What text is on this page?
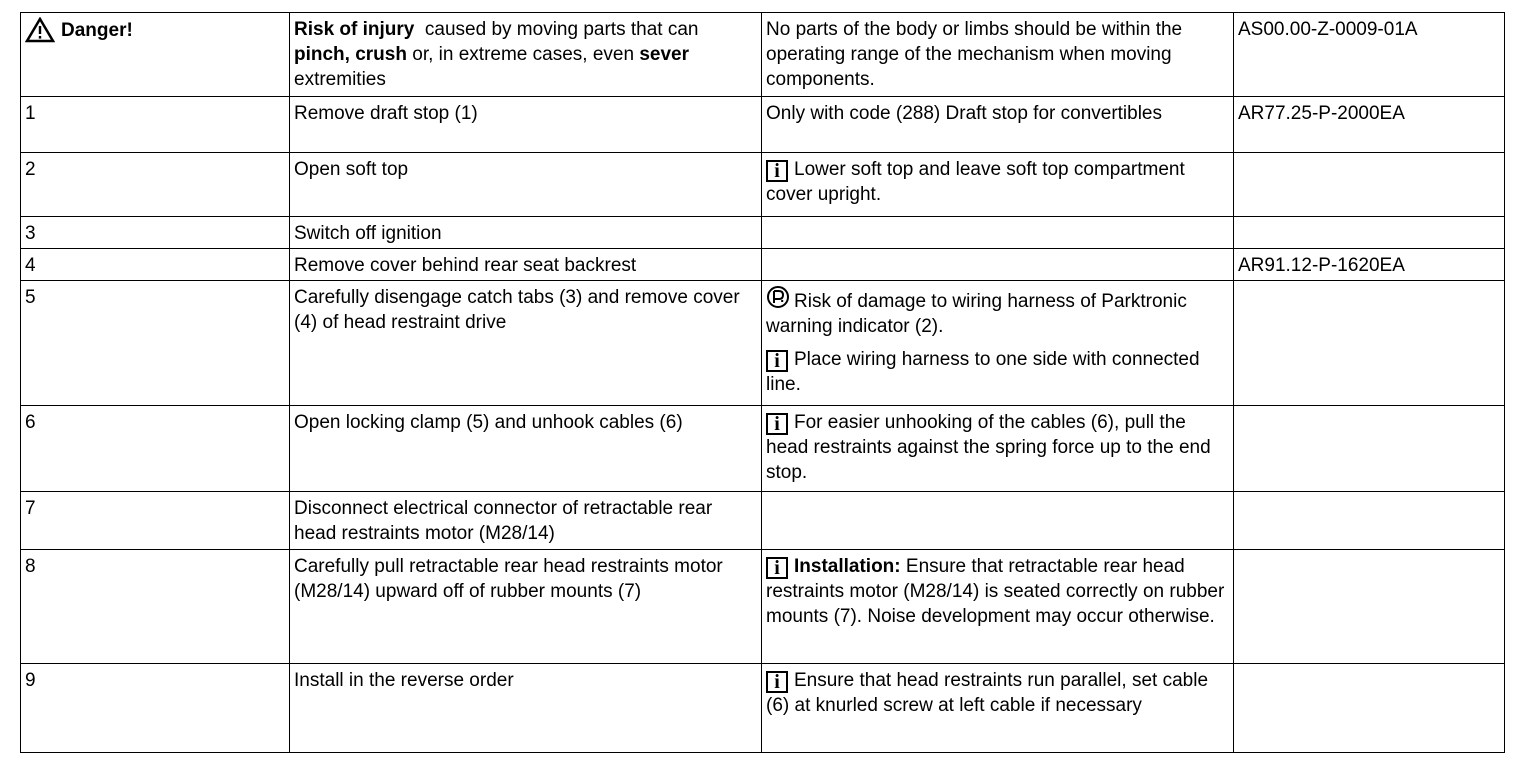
Danger!	Risk of injury  caused by moving parts that can pinch, crush or, in extreme cases, even sever extremities	No parts of the body or limbs should be within the operating range of the mechanism when moving components.	AS00.00-Z-0009-01A
1	Remove draft stop (1)	Only with code (288) Draft stop for convertibles	AR77.25-P-2000EA
2	Open soft top	i Lower soft top and leave soft top compartment cover upright.	
3	Switch off ignition		
4	Remove cover behind rear seat backrest		AR91.12-P-1620EA
5	Carefully disengage catch tabs (3) and remove cover (4) of head restraint drive	Risk of damage to wiring harness of Parktronic warning indicator (2).

i Place wiring harness to one side with connected line.	

6	Open locking clamp (5) and unhook cables (6)	i For easier unhooking of the cables (6), pull the head restraints against the spring force up to the end stop.	
7	Disconnect electrical connector of retractable rear head restraints motor (M28/14)		
8	Carefully pull retractable rear head restraints motor (M28/14) upward off of rubber mounts (7)	i Installation: Ensure that retractable rear head restraints motor (M28/14) is seated correctly on rubber mounts (7). Noise development may occur otherwise.	
9	Install in the reverse order	i Ensure that head restraints run parallel, set cable (6) at knurled screw at left cable if necessary	
